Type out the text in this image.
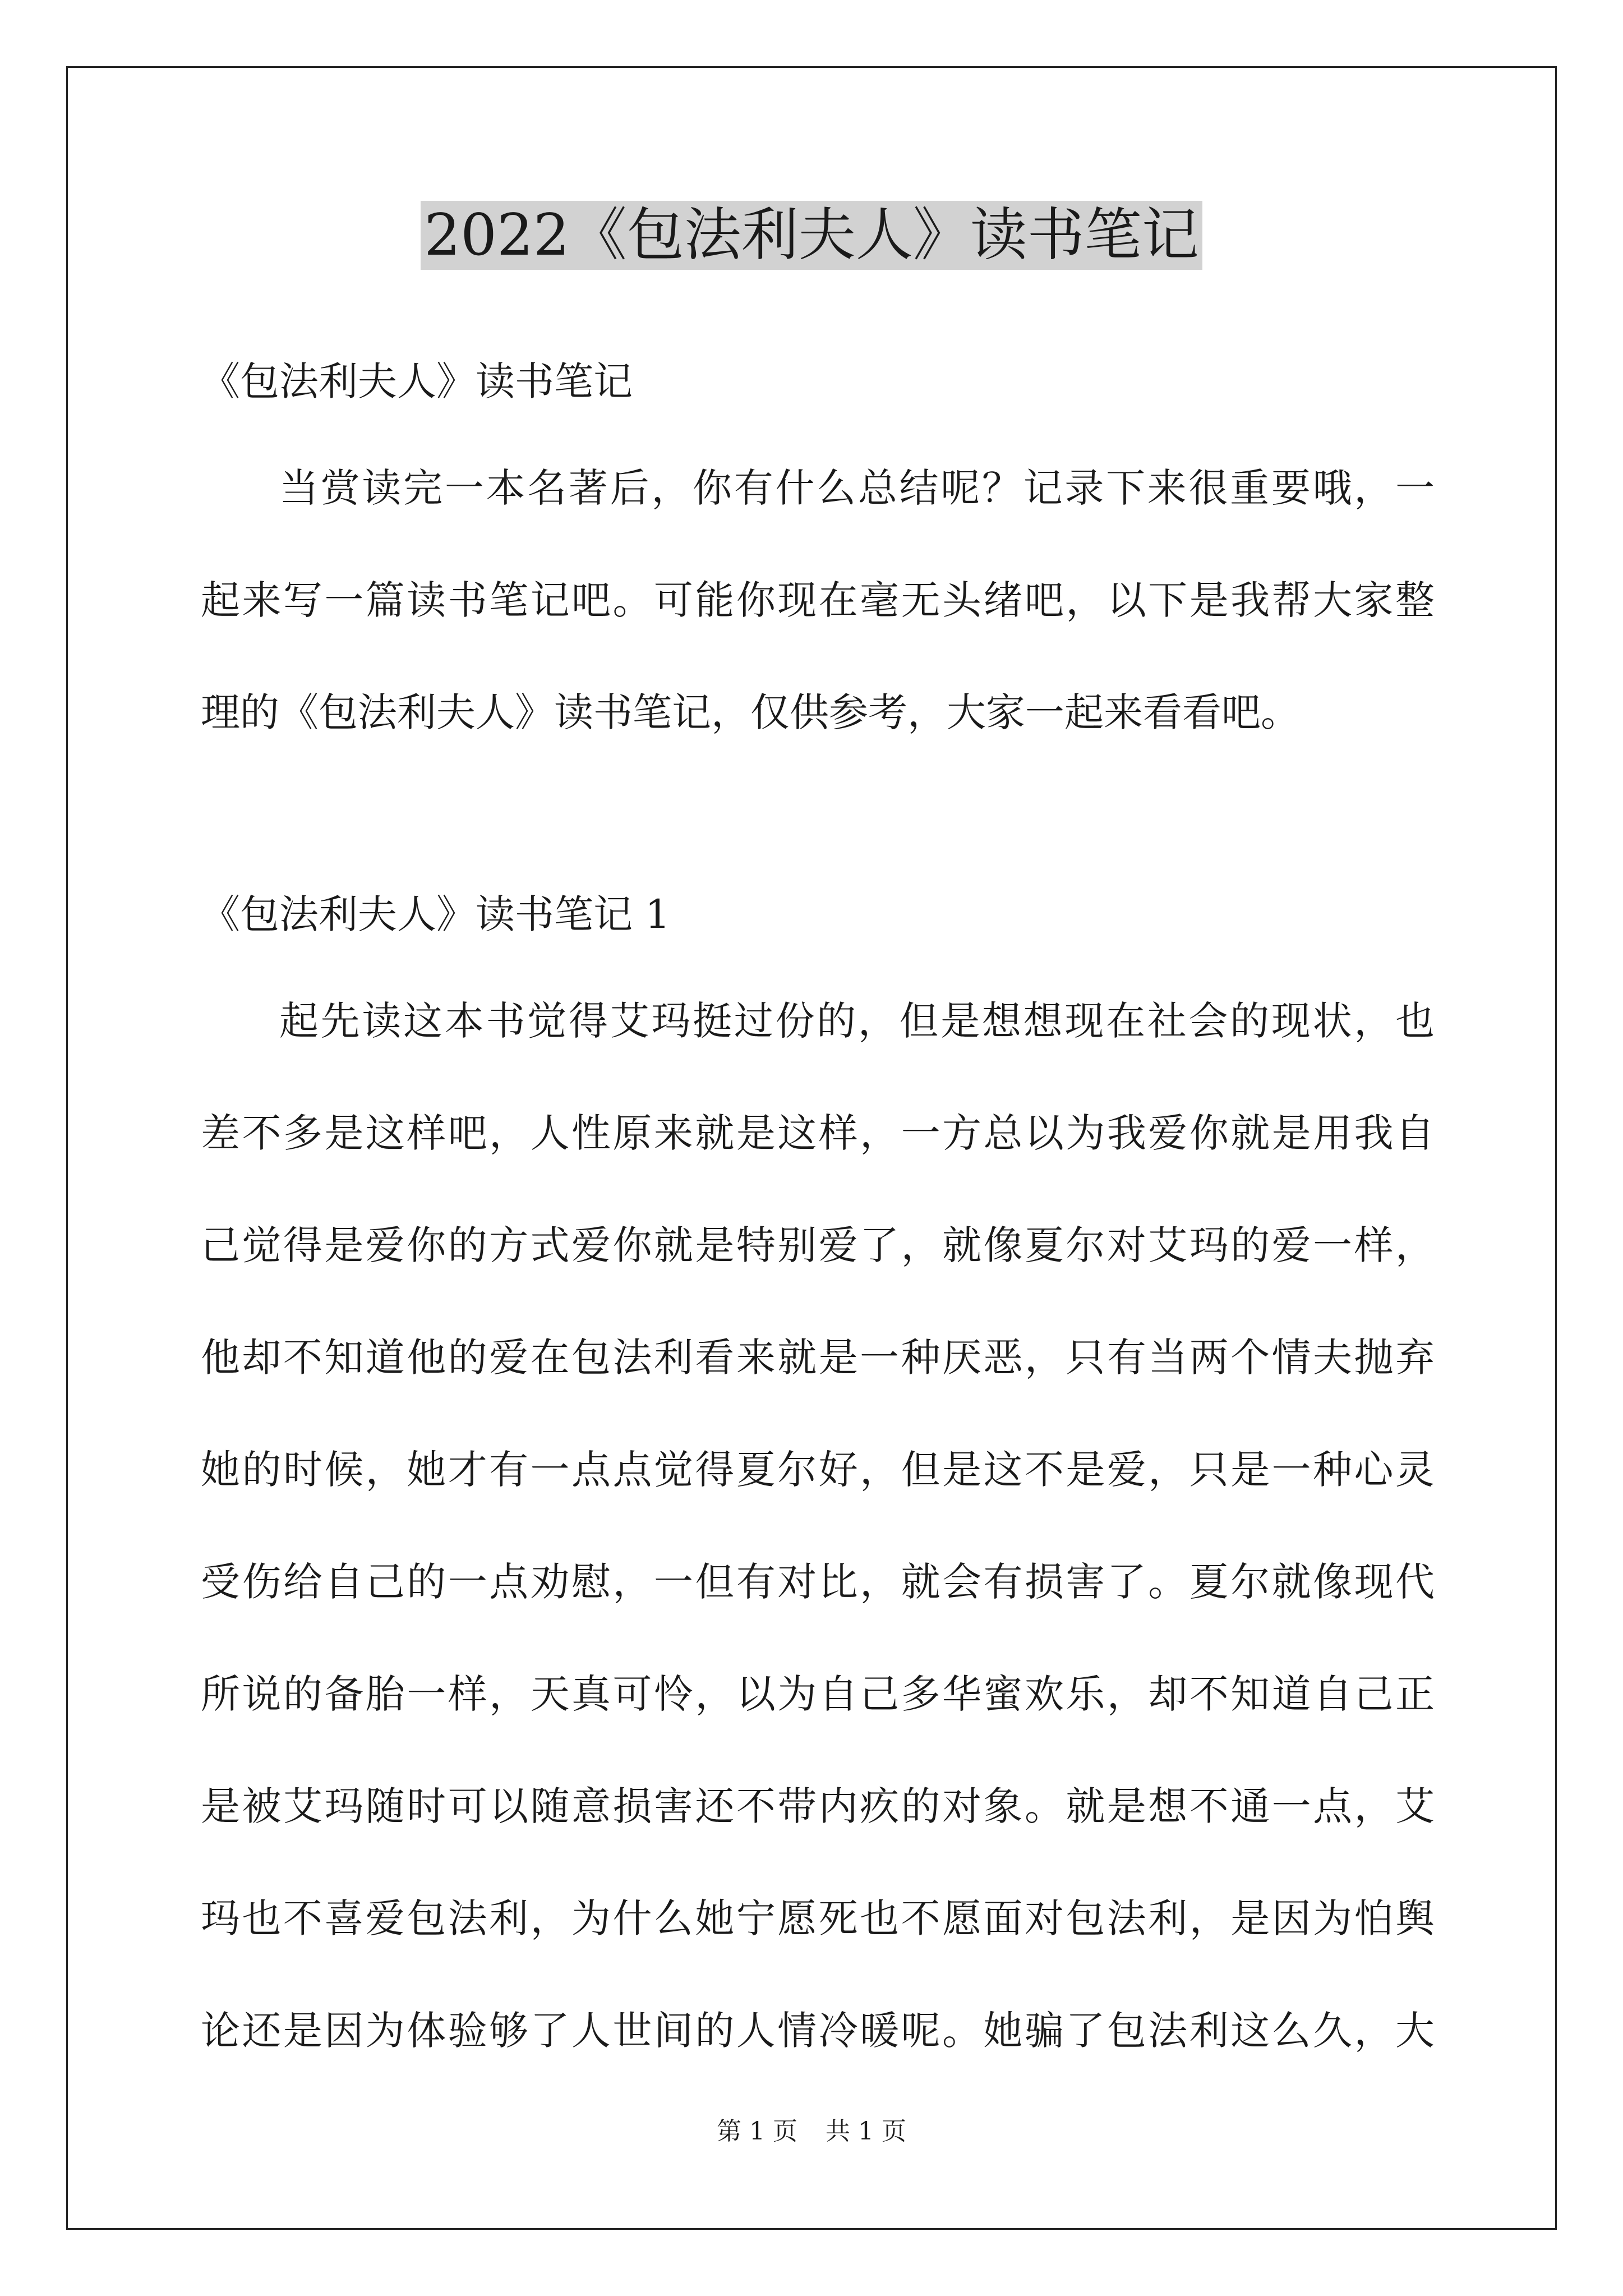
2022《包法利夫人》读书笔记
《包法利夫人》读书笔记
当赏读完一本名著后，你有什么总结呢？记录下来很重要哦，一
起来写一篇读书笔记吧。可能你现在毫无头绪吧，以下是我帮大家整
理的《包法利夫人》读书笔记，仅供参考，大家一起来看看吧。
《包法利夫人》读书笔记 1
起先读这本书觉得艾玛挺过份的，但是想想现在社会的现状，也
差不多是这样吧，人性原来就是这样，一方总以为我爱你就是用我自
己觉得是爱你的方式爱你就是特别爱了，就像夏尔对艾玛的爱一样，
他却不知道他的爱在包法利看来就是一种厌恶，只有当两个情夫抛弃
她的时候，她才有一点点觉得夏尔好，但是这不是爱，只是一种心灵
受伤给自己的一点劝慰，一但有对比，就会有损害了。夏尔就像现代
所说的备胎一样，天真可怜，以为自己多华蜜欢乐，却不知道自己正
是被艾玛随时可以随意损害还不带内疚的对象。就是想不通一点，艾
玛也不喜爱包法利，为什么她宁愿死也不愿面对包法利，是因为怕舆
论还是因为体验够了人世间的人情冷暖呢。她骗了包法利这么久，大
第 1 页 共 1 页
